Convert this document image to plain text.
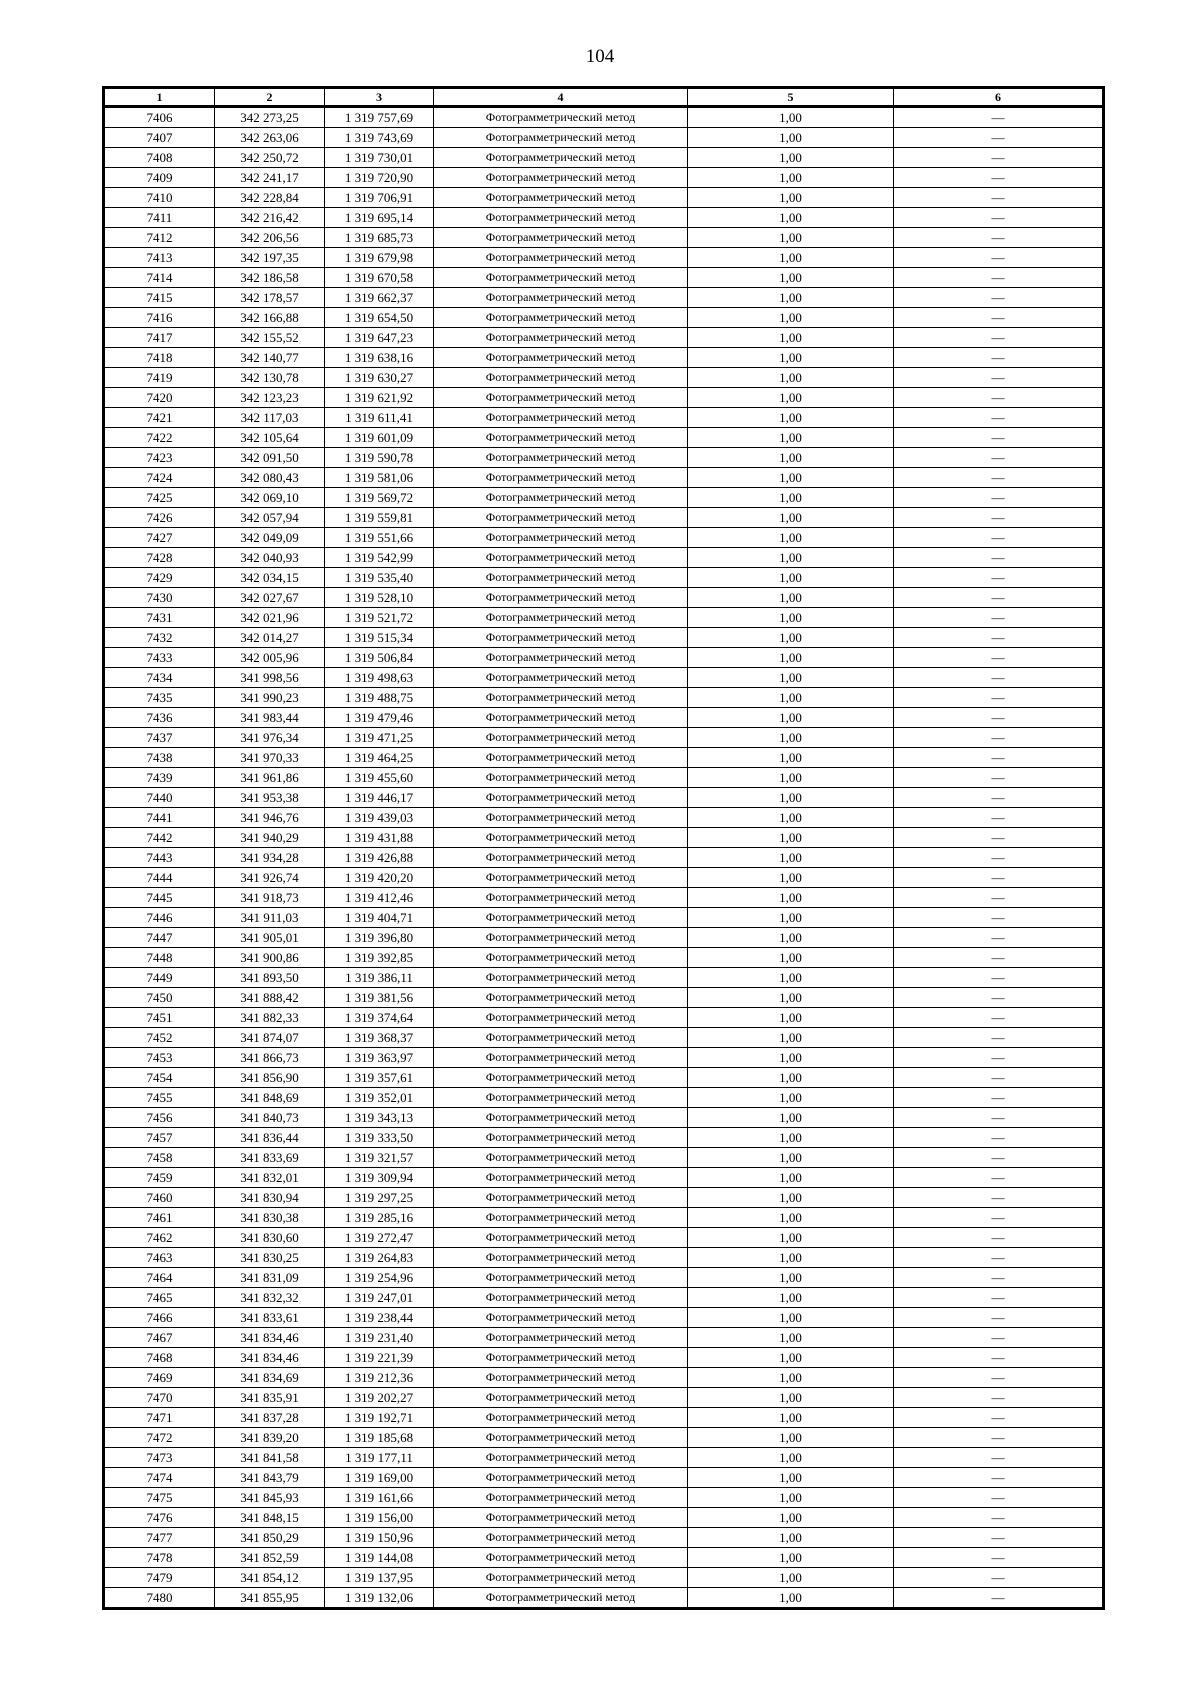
104
1	2	3	4	5	6
7406	342 273,25	1 319 757,69	Фотограмметрический метод	1,00	—
7407	342 263,06	1 319 743,69	Фотограмметрический метод	1,00	—
7408	342 250,72	1 319 730,01	Фотограмметрический метод	1,00	—
7409	342 241,17	1 319 720,90	Фотограмметрический метод	1,00	—
7410	342 228,84	1 319 706,91	Фотограмметрический метод	1,00	—
7411	342 216,42	1 319 695,14	Фотограмметрический метод	1,00	—
7412	342 206,56	1 319 685,73	Фотограмметрический метод	1,00	—
7413	342 197,35	1 319 679,98	Фотограмметрический метод	1,00	—
7414	342 186,58	1 319 670,58	Фотограмметрический метод	1,00	—
7415	342 178,57	1 319 662,37	Фотограмметрический метод	1,00	—
7416	342 166,88	1 319 654,50	Фотограмметрический метод	1,00	—
7417	342 155,52	1 319 647,23	Фотограмметрический метод	1,00	—
7418	342 140,77	1 319 638,16	Фотограмметрический метод	1,00	—
7419	342 130,78	1 319 630,27	Фотограмметрический метод	1,00	—
7420	342 123,23	1 319 621,92	Фотограмметрический метод	1,00	—
7421	342 117,03	1 319 611,41	Фотограмметрический метод	1,00	—
7422	342 105,64	1 319 601,09	Фотограмметрический метод	1,00	—
7423	342 091,50	1 319 590,78	Фотограмметрический метод	1,00	—
7424	342 080,43	1 319 581,06	Фотограмметрический метод	1,00	—
7425	342 069,10	1 319 569,72	Фотограмметрический метод	1,00	—
7426	342 057,94	1 319 559,81	Фотограмметрический метод	1,00	—
7427	342 049,09	1 319 551,66	Фотограмметрический метод	1,00	—
7428	342 040,93	1 319 542,99	Фотограмметрический метод	1,00	—
7429	342 034,15	1 319 535,40	Фотограмметрический метод	1,00	—
7430	342 027,67	1 319 528,10	Фотограмметрический метод	1,00	—
7431	342 021,96	1 319 521,72	Фотограмметрический метод	1,00	—
7432	342 014,27	1 319 515,34	Фотограмметрический метод	1,00	—
7433	342 005,96	1 319 506,84	Фотограмметрический метод	1,00	—
7434	341 998,56	1 319 498,63	Фотограмметрический метод	1,00	—
7435	341 990,23	1 319 488,75	Фотограмметрический метод	1,00	—
7436	341 983,44	1 319 479,46	Фотограмметрический метод	1,00	—
7437	341 976,34	1 319 471,25	Фотограмметрический метод	1,00	—
7438	341 970,33	1 319 464,25	Фотограмметрический метод	1,00	—
7439	341 961,86	1 319 455,60	Фотограмметрический метод	1,00	—
7440	341 953,38	1 319 446,17	Фотограмметрический метод	1,00	—
7441	341 946,76	1 319 439,03	Фотограмметрический метод	1,00	—
7442	341 940,29	1 319 431,88	Фотограмметрический метод	1,00	—
7443	341 934,28	1 319 426,88	Фотограмметрический метод	1,00	—
7444	341 926,74	1 319 420,20	Фотограмметрический метод	1,00	—
7445	341 918,73	1 319 412,46	Фотограмметрический метод	1,00	—
7446	341 911,03	1 319 404,71	Фотограмметрический метод	1,00	—
7447	341 905,01	1 319 396,80	Фотограмметрический метод	1,00	—
7448	341 900,86	1 319 392,85	Фотограмметрический метод	1,00	—
7449	341 893,50	1 319 386,11	Фотограмметрический метод	1,00	—
7450	341 888,42	1 319 381,56	Фотограмметрический метод	1,00	—
7451	341 882,33	1 319 374,64	Фотограмметрический метод	1,00	—
7452	341 874,07	1 319 368,37	Фотограмметрический метод	1,00	—
7453	341 866,73	1 319 363,97	Фотограмметрический метод	1,00	—
7454	341 856,90	1 319 357,61	Фотограмметрический метод	1,00	—
7455	341 848,69	1 319 352,01	Фотограмметрический метод	1,00	—
7456	341 840,73	1 319 343,13	Фотограмметрический метод	1,00	—
7457	341 836,44	1 319 333,50	Фотограмметрический метод	1,00	—
7458	341 833,69	1 319 321,57	Фотограмметрический метод	1,00	—
7459	341 832,01	1 319 309,94	Фотограмметрический метод	1,00	—
7460	341 830,94	1 319 297,25	Фотограмметрический метод	1,00	—
7461	341 830,38	1 319 285,16	Фотограмметрический метод	1,00	—
7462	341 830,60	1 319 272,47	Фотограмметрический метод	1,00	—
7463	341 830,25	1 319 264,83	Фотограмметрический метод	1,00	—
7464	341 831,09	1 319 254,96	Фотограмметрический метод	1,00	—
7465	341 832,32	1 319 247,01	Фотограмметрический метод	1,00	—
7466	341 833,61	1 319 238,44	Фотограмметрический метод	1,00	—
7467	341 834,46	1 319 231,40	Фотограмметрический метод	1,00	—
7468	341 834,46	1 319 221,39	Фотограмметрический метод	1,00	—
7469	341 834,69	1 319 212,36	Фотограмметрический метод	1,00	—
7470	341 835,91	1 319 202,27	Фотограмметрический метод	1,00	—
7471	341 837,28	1 319 192,71	Фотограмметрический метод	1,00	—
7472	341 839,20	1 319 185,68	Фотограмметрический метод	1,00	—
7473	341 841,58	1 319 177,11	Фотограмметрический метод	1,00	—
7474	341 843,79	1 319 169,00	Фотограмметрический метод	1,00	—
7475	341 845,93	1 319 161,66	Фотограмметрический метод	1,00	—
7476	341 848,15	1 319 156,00	Фотограмметрический метод	1,00	—
7477	341 850,29	1 319 150,96	Фотограмметрический метод	1,00	—
7478	341 852,59	1 319 144,08	Фотограмметрический метод	1,00	—
7479	341 854,12	1 319 137,95	Фотограмметрический метод	1,00	—
7480	341 855,95	1 319 132,06	Фотограмметрический метод	1,00	—
